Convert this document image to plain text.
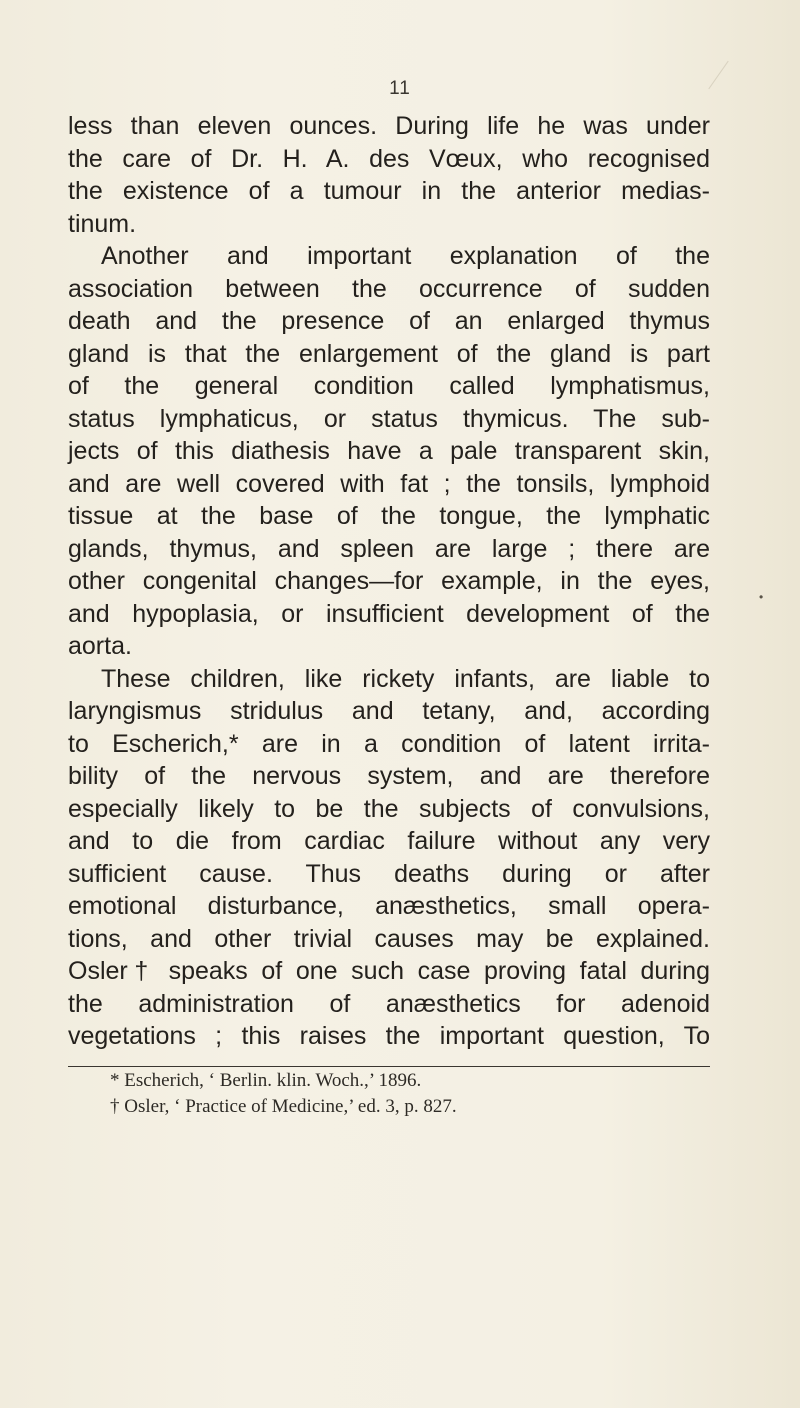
11
less than eleven ounces. During life he was under
the care of Dr. H. A. des Vœux, who recognised
the existence of a tumour in the anterior medias-
tinum.
Another and important explanation of the
association between the occurrence of sudden
death and the presence of an enlarged thymus
gland is that the enlargement of the gland is part
of the general condition called lymphatismus,
status lymphaticus, or status thymicus. The sub-
jects of this diathesis have a pale transparent skin,
and are well covered with fat ; the tonsils, lymphoid
tissue at the base of the tongue, the lymphatic
glands, thymus, and spleen are large ; there are
other congenital changes—for example, in the eyes,
and hypoplasia, or insufficient development of the
aorta.
These children, like rickety infants, are liable to
laryngismus stridulus and tetany, and, according
to Escherich,* are in a condition of latent irrita-
bility of the nervous system, and are therefore
especially likely to be the subjects of convulsions,
and to die from cardiac failure without any very
sufficient cause. Thus deaths during or after
emotional disturbance, anæsthetics, small opera-
tions, and other trivial causes may be explained.
Osler† speaks of one such case proving fatal during
the administration of anæsthetics for adenoid
vegetations ; this raises the important question, To
* Escherich, ‘ Berlin. klin. Woch.,’ 1896.
† Osler, ‘ Practice of Medicine,’ ed. 3, p. 827.
•
